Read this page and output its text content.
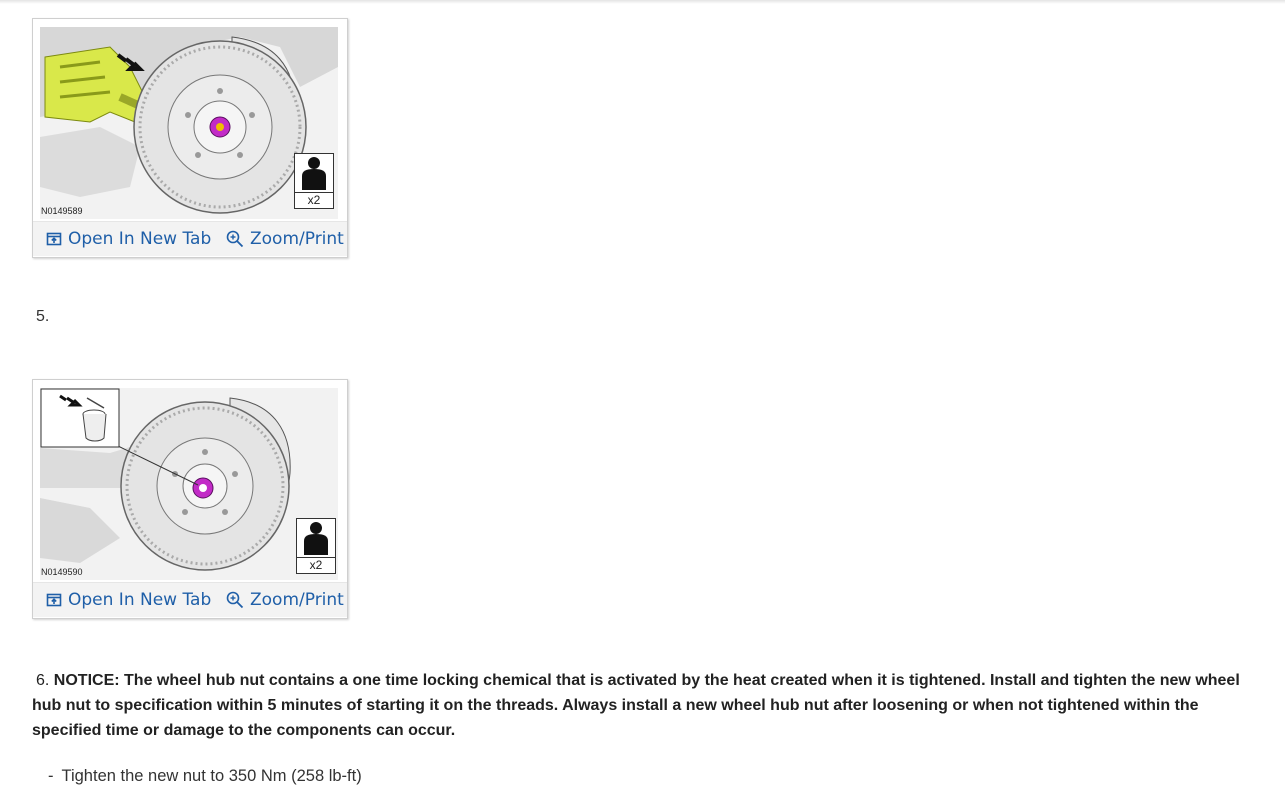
x2
N0149589
Open In New Tab Zoom/Print
5.
x2
N0149590
Open In New Tab Zoom/Print
6. NOTICE: The wheel hub nut contains a one time locking chemical that is activated by the heat created when it is tightened. Install and tighten the new wheel hub nut to specification within 5 minutes of starting it on the threads. Always install a new wheel hub nut after loosening or when not tightened within the specified time or damage to the components can occur.
- Tighten the new nut to 350 Nm (258 lb-ft)
